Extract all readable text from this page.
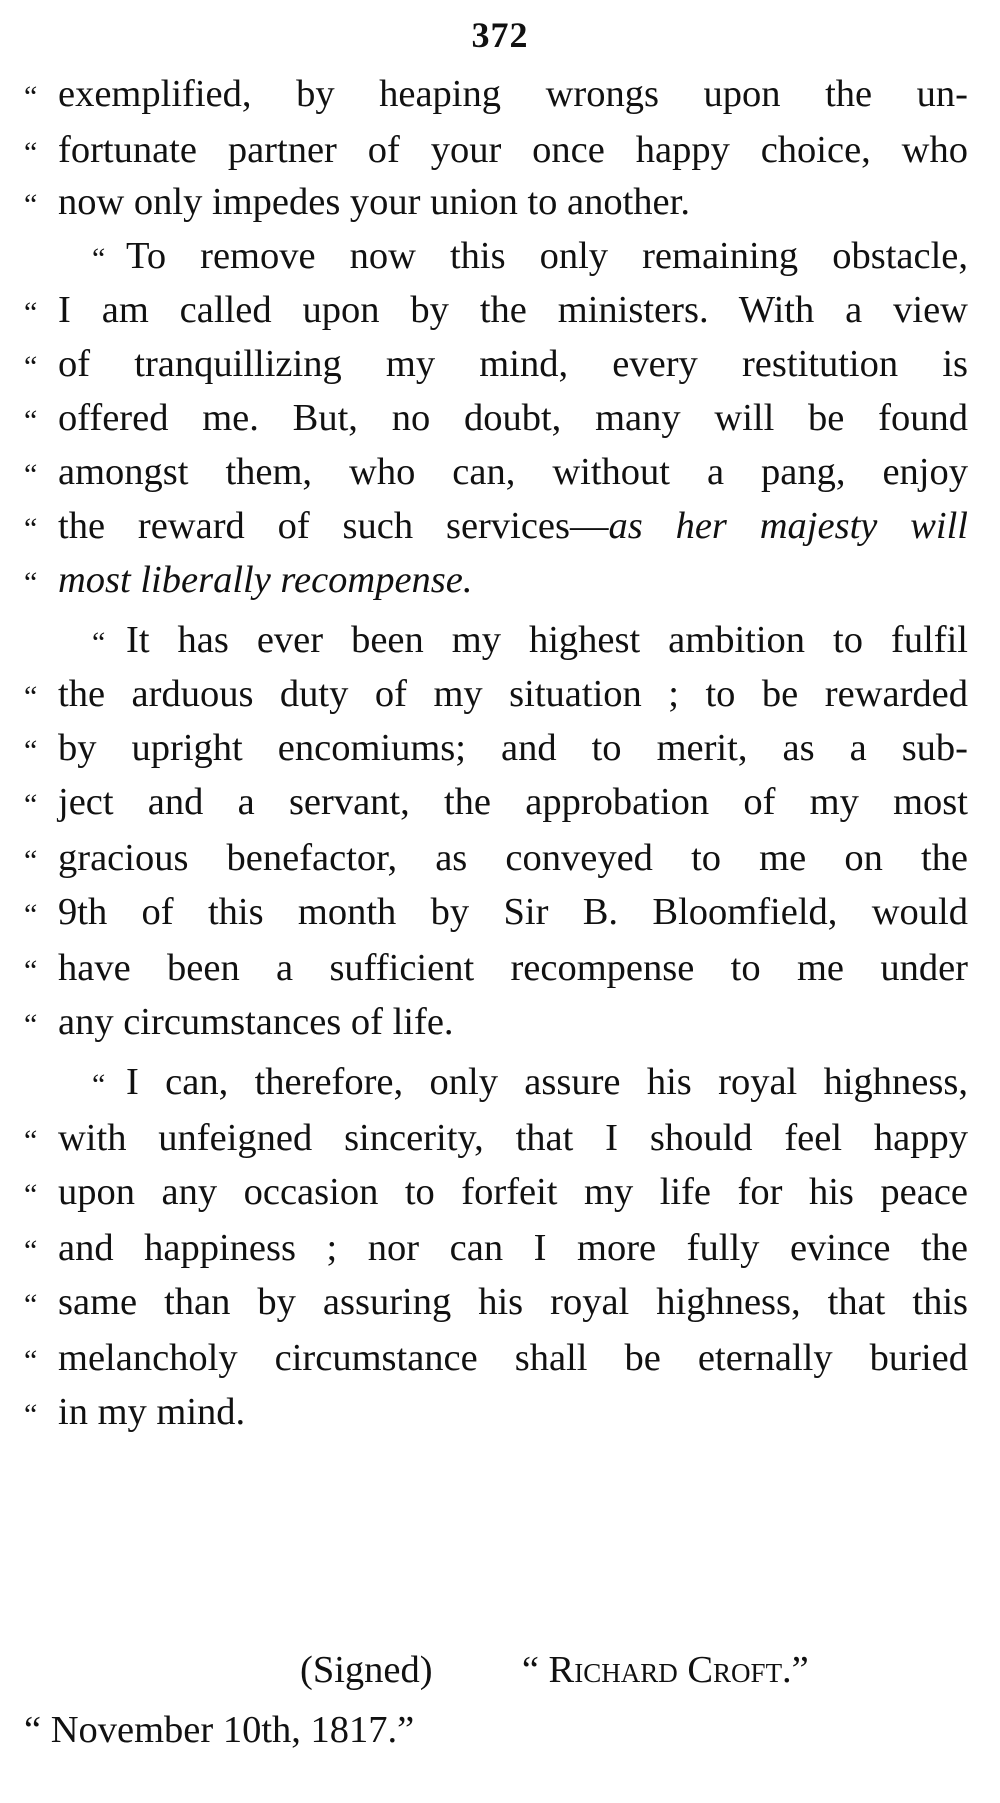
372
“ exemplified, by heaping wrongs upon the un-
“ fortunate partner of your once happy choice, who
“ now only impedes your union to another.
“ To remove now this only remaining obstacle,
“ I am called upon by the ministers. With a view
“ of tranquillizing my mind, every restitution is
“ offered me. But, no doubt, many will be found
“ amongst them, who can, without a pang, enjoy
“ the reward of such services—as her majesty will
“ most liberally recompense.
“ It has ever been my highest ambition to fulfil
“ the arduous duty of my situation ; to be rewarded
“ by upright encomiums; and to merit, as a sub-
“ ject and a servant, the approbation of my most
“ gracious benefactor, as conveyed to me on the
“ 9th of this month by Sir B. Bloomfield, would
“ have been a sufficient recompense to me under
“ any circumstances of life.
“ I can, therefore, only assure his royal highness,
“ with unfeigned sincerity, that I should feel happy
“ upon any occasion to forfeit my life for his peace
“ and happiness ; nor can I more fully evince the
“ same than by assuring his royal highness, that this
“ melancholy circumstance shall be eternally buried
“ in my mind.
(Signed) “ Richard Croft.”
“ November 10th, 1817.”
